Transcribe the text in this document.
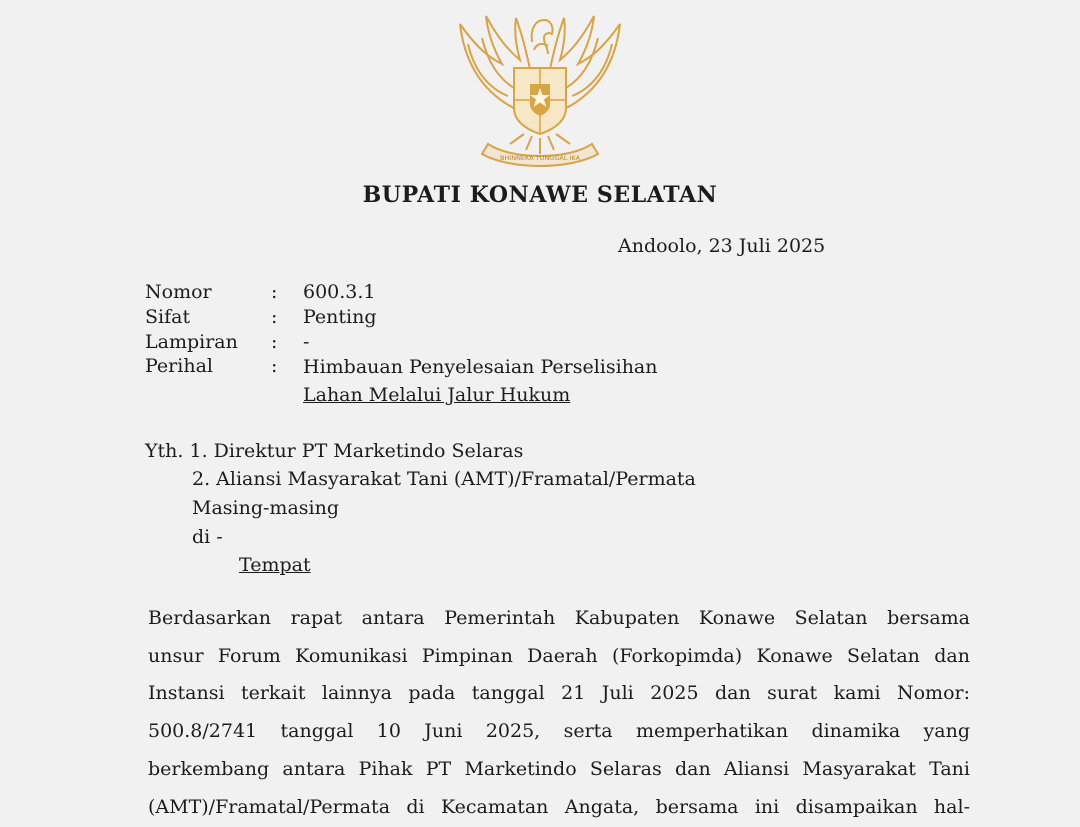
BHINNEKA TUNGGAL IKA
BUPATI KONAWE SELATAN
Andoolo, 23 Juli 2025
Nomor	: 600.3.1
Sifat	: Penting
Lampiran : -
Perihal	: Himbauan Penyelesaian Perselisihan
Lahan Melalui Jalur Hukum
Yth. 1. Direktur PT Marketindo Selaras
2. Aliansi Masyarakat Tani (AMT)/Framatal/Permata
Masing-masing
di -
Tempat
Berdasarkan rapat antara Pemerintah Kabupaten Konawe Selatan bersama
unsur Forum Komunikasi Pimpinan Daerah (Forkopimda) Konawe Selatan dan
Instansi terkait lainnya pada tanggal 21 Juli 2025 dan surat kami Nomor:
500.8/2741 tanggal 10 Juni 2025, serta memperhatikan dinamika yang
berkembang antara Pihak PT Marketindo Selaras dan Aliansi Masyarakat Tani
(AMT)/Framatal/Permata di Kecamatan Angata, bersama ini disampaikan hal-
